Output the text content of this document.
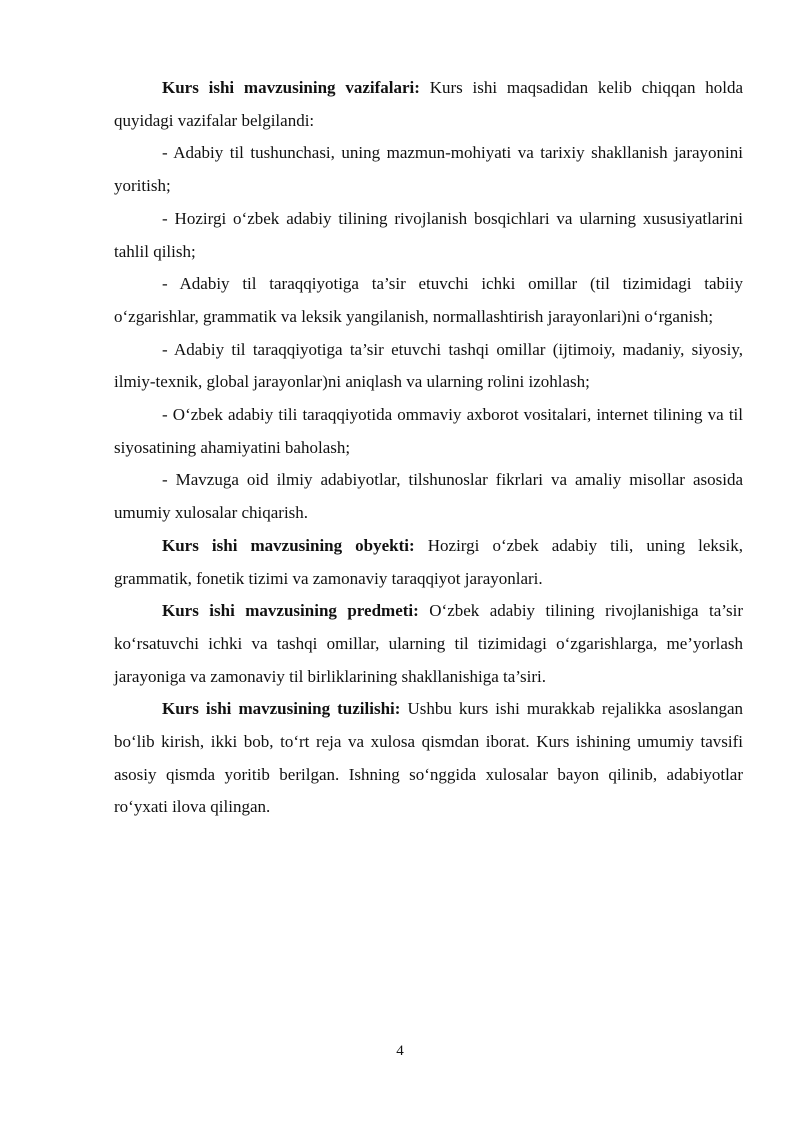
Kurs ishi mavzusining vazifalari: Kurs ishi maqsadidan kelib chiqqan holda quyidagi vazifalar belgilandi:

- Adabiy til tushunchasi, uning mazmun-mohiyati va tarixiy shakllanish jarayonini yoritish;

- Hozirgi o‘zbek adabiy tilining rivojlanish bosqichlari va ularning xususiyatlarini tahlil qilish;

- Adabiy til taraqqiyotiga ta’sir etuvchi ichki omillar (til tizimidagi tabiiy o‘zgarishlar, grammatik va leksik yangilanish, normallashtirish jarayonlari)ni o‘rganish;

- Adabiy til taraqqiyotiga ta’sir etuvchi tashqi omillar (ijtimoiy, madaniy, siyosiy, ilmiy-texnik, global jarayonlar)ni aniqlash va ularning rolini izohlash;

- O‘zbek adabiy tili taraqqiyotida ommaviy axborot vositalari, internet tilining va til siyosatining ahamiyatini baholash;

- Mavzuga oid ilmiy adabiyotlar, tilshunoslar fikrlari va amaliy misollar asosida umumiy xulosalar chiqarish.

Kurs ishi mavzusining obyekti: Hozirgi o‘zbek adabiy tili, uning leksik, grammatik, fonetik tizimi va zamonaviy taraqqiyot jarayonlari.

Kurs ishi mavzusining predmeti: O‘zbek adabiy tilining rivojlanishiga ta’sir ko‘rsatuvchi ichki va tashqi omillar, ularning til tizimidagi o‘zgarishlarga, me’yorlash jarayoniga va zamonaviy til birliklarining shakllanishiga ta’siri.

Kurs ishi mavzusining tuzilishi: Ushbu kurs ishi murakkab rejalikka asoslangan bo‘lib kirish, ikki bob, to‘rt reja va xulosa qismdan iborat. Kurs ishining umumiy tavsifi asosiy qismda yoritib berilgan. Ishning so‘nggida xulosalar bayon qilinib, adabiyotlar ro‘yxati ilova qilingan.

4
